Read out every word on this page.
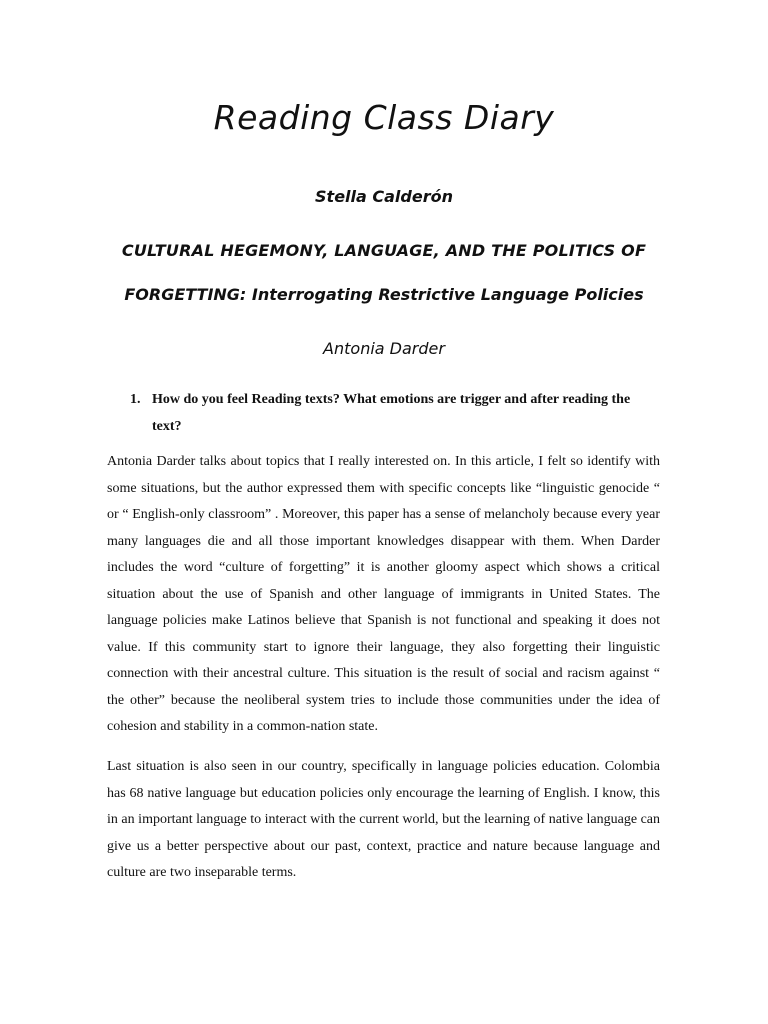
Reading Class Diary
Stella Calderón
CULTURAL HEGEMONY, LANGUAGE, AND THE POLITICS OF
FORGETTING: Interrogating Restrictive Language Policies
Antonia Darder
1. How do you feel Reading texts? What emotions are trigger and after reading the text?

Antonia Darder talks about topics that I really interested on. In this article, I felt so identify with some situations, but the author expressed them with specific concepts like “linguistic genocide “ or “ English-only classroom” . Moreover, this paper has a sense of melancholy because every year many languages die and all those important knowledges disappear with them. When Darder includes the word “culture of forgetting” it is another gloomy aspect which shows a critical situation about the use of Spanish and other language of immigrants in United States. The language policies make Latinos believe that Spanish is not functional and speaking it does not value. If this community start to ignore their language, they also forgetting their linguistic connection with their ancestral culture. This situation is the result of social and racism against “ the other” because the neoliberal system tries to include those communities under the idea of cohesion and stability in a common-nation state.

Last situation is also seen in our country, specifically in language policies education. Colombia has 68 native language but education policies only encourage the learning of English. I know, this in an important language to interact with the current world, but the learning of native language can give us a better perspective about our past, context, practice and nature because language and culture are two inseparable terms.
